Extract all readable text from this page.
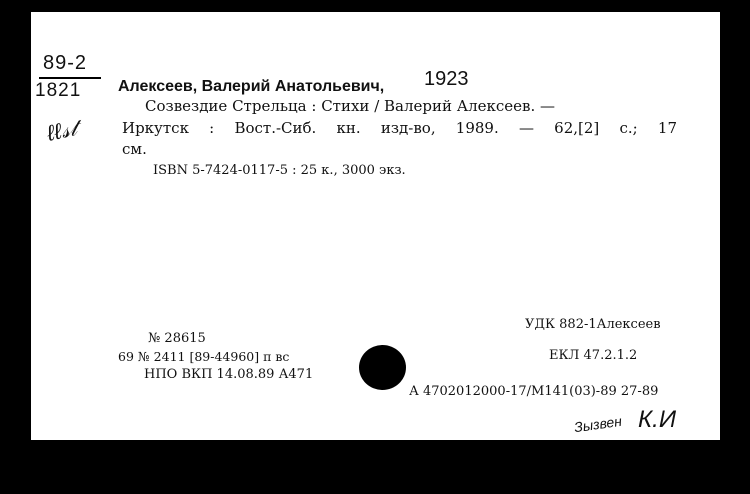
89-2
1821
ℓℓ𝓈𝓉
Алексеев, Валерий Анатольевич, 1923
Созвездие Стрельца : Стихи / Валерий Алексеев. —
Иркутск : Вост.-Сиб. кн. изд-во, 1989. — 62,[2] с.; 17
см.
ISBN 5-7424-0117-5 : 25 к., 3000 экз.
№ 28615
69 № 2411 [89-44960] п вс
НПО ВКП 14.08.89 А471
УДК 882-1Алексеев
ЕКЛ 47.2.1.2
А 4702012000-17/М141(03)-89 27-89
Зызвен К.И
